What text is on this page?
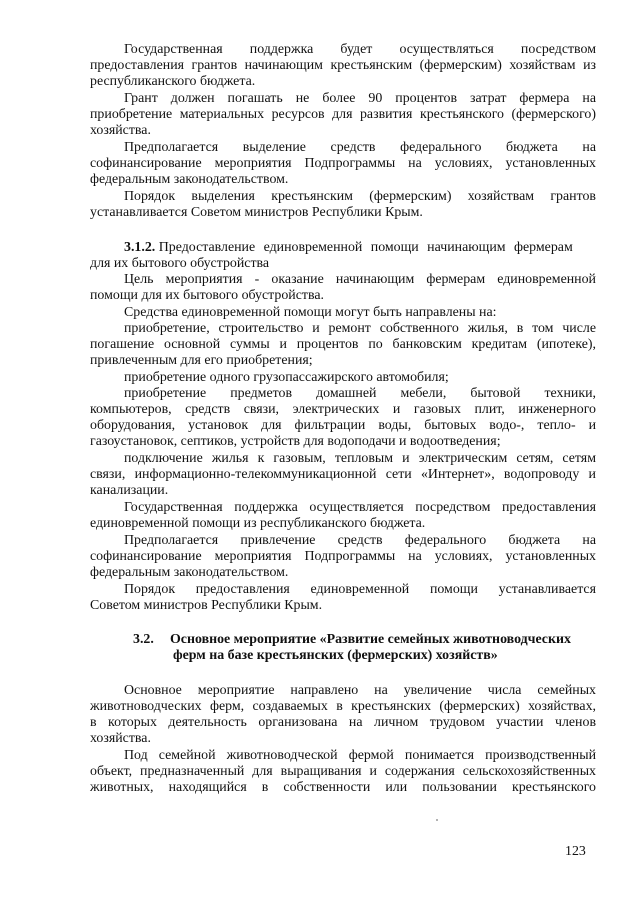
Государственная поддержка будет осуществляться посредством
предоставления грантов начинающим крестьянским (фермерским) хозяйствам из
республиканского бюджета.
Грант должен погашать не более 90 процентов затрат фермера на
приобретение материальных ресурсов для развития крестьянского (фермерского)
хозяйства.
Предполагается выделение средств федерального бюджета на
софинансирование мероприятия Подпрограммы на условиях, установленных
федеральным законодательством.
Порядок выделения крестьянским (фермерским) хозяйствам грантов
устанавливается Советом министров Республики Крым.
3.1.2. Предоставление единовременной помощи начинающим фермерам
для их бытового обустройства
Цель мероприятия - оказание начинающим фермерам единовременной
помощи для их бытового обустройства.
Средства единовременной помощи могут быть направлены на:
приобретение, строительство и ремонт собственного жилья, в том числе
погашение основной суммы и процентов по банковским кредитам (ипотеке),
привлеченным для его приобретения;
приобретение одного грузопассажирского автомобиля;
приобретение предметов домашней мебели, бытовой техники,
компьютеров, средств связи, электрических и газовых плит, инженерного
оборудования, установок для фильтрации воды, бытовых водо-, тепло- и
газоустановок, септиков, устройств для водоподачи и водоотведения;
подключение жилья к газовым, тепловым и электрическим сетям, сетям
связи, информационно-телекоммуникационной сети «Интернет», водопроводу и
канализации.
Государственная поддержка осуществляется посредством предоставления
единовременной помощи из республиканского бюджета.
Предполагается привлечение средств федерального бюджета на
софинансирование мероприятия Подпрограммы на условиях, установленных
федеральным законодательством.
Порядок предоставления единовременной помощи устанавливается
Советом министров Республики Крым.
3.2. Основное мероприятие «Развитие семейных животноводческих
ферм на базе крестьянских (фермерских) хозяйств»
Основное мероприятие направлено на увеличение числа семейных
животноводческих ферм, создаваемых в крестьянских (фермерских) хозяйствах,
в которых деятельность организована на личном трудовом участии членов
хозяйства.
Под семейной животноводческой фермой понимается производственный
объект, предназначенный для выращивания и содержания сельскохозяйственных
животных, находящийся в собственности или пользовании крестьянского
123
